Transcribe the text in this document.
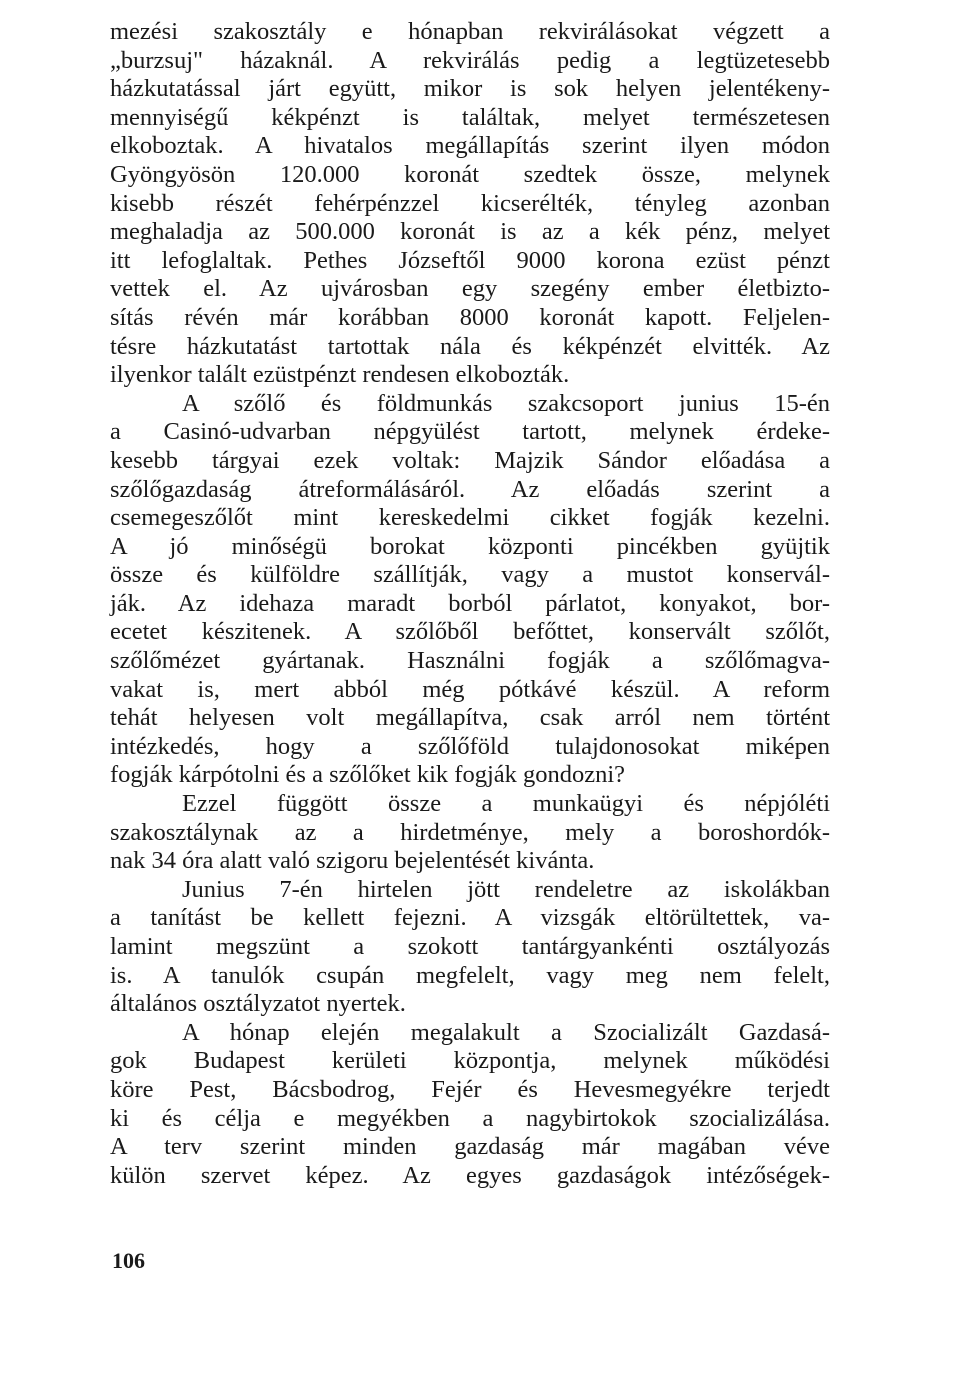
mezési szakosztály e hónapban rekvirálásokat végzett a
„burzsuj" házaknál. A rekvirálás pedig a legtüzetesebb
házkutatással járt együtt, mikor is sok helyen jelentékeny-
mennyiségű kékpénzt is találtak, melyet természetesen
elkoboztak. A hivatalos megállapítás szerint ilyen módon
Gyöngyösön 120.000 koronát szedtek össze, melynek
kisebb részét fehérpénzzel kicserélték, tényleg azonban
meghaladja az 500.000 koronát is az a kék pénz, melyet
itt lefoglaltak. Pethes Józseftől 9000 korona ezüst pénzt
vettek el. Az ujvárosban egy szegény ember életbizto-
sítás révén már korábban 8000 koronát kapott. Feljelen-
tésre házkutatást tartottak nála és kékpénzét elvitték. Az
ilyenkor talált ezüstpénzt rendesen elkobozták.
A szőlő és földmunkás szakcsoport junius 15-én
a Casinó-udvarban népgyülést tartott, melynek érdeke-
kesebb tárgyai ezek voltak: Majzik Sándor előadása a
szőlőgazdaság átreformálásáról. Az előadás szerint a
csemegeszőlőt mint kereskedelmi cikket fogják kezelni.
A jó minőségü borokat központi pincékben gyüjtik
össze és külföldre szállítják, vagy a mustot konservál-
ják. Az idehaza maradt borból párlatot, konyakot, bor-
ecetet készitenek. A szőlőből befőttet, konservált szőlőt,
szőlőmézet gyártanak. Használni fogják a szőlőmagva-
vakat is, mert abból még pótkávé készül. A reform
tehát helyesen volt megállapítva, csak arról nem történt
intézkedés, hogy a szőlőföld tulajdonosokat miképen
fogják kárpótolni és a szőlőket kik fogják gondozni?
Ezzel függött össze a munkaügyi és népjóléti
szakosztálynak az a hirdetménye, mely a boroshordók-
nak 34 óra alatt való szigoru bejelentését kivánta.
Junius 7-én hirtelen jött rendeletre az iskolákban
a tanítást be kellett fejezni. A vizsgák eltörültettek, va-
lamint megszünt a szokott tantárgyankénti osztályozás
is. A tanulók csupán megfelelt, vagy meg nem felelt,
általános osztályzatot nyertek.
A hónap elején megalakult a Szocializált Gazdasá-
gok Budapest kerületi központja, melynek működési
köre Pest, Bácsbodrog, Fejér és Hevesmegyékre terjedt
ki és célja e megyékben a nagybirtokok szocializálása.
A terv szerint minden gazdaság már magában véve
külön szervet képez. Az egyes gazdaságok intézőségek-
106
